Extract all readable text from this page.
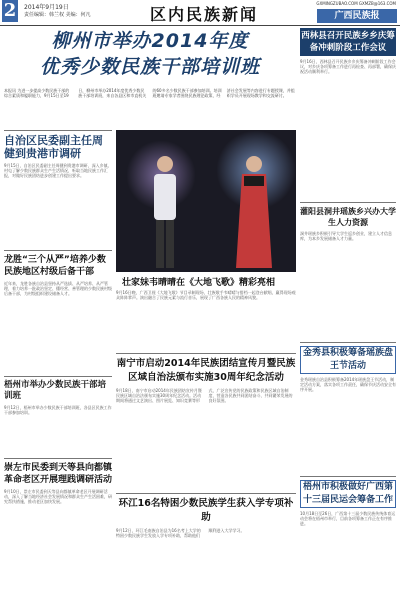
2 2014年9月19日
责任编辑：韩兰权 美编：何凡	区内民族新闻
GXMINGZUBAO.COM GXMZB@163.COM
广西民族报
柳州市举办2014年度
优秀少数民族干部培训班
本报讯 为进一步提高少数民族干部的综合素质和履职能力，9月15日至19日，柳州市举办2014年度优秀少数民族干部培训班，来自各县区和市直机关的60多名少数民族干部参加培训。培训班邀请专家学者围绕民族理论政策、经济社会发展等内容进行专题授课，并组织学员开展现场教学和交流研讨。
自治区民委副主任周健到贵港市调研
9月15日，自治区民委副主任周健到贵港市调研，深入乡镇、村屯了解少数民族群众生产生活情况，听取当地民族工作汇报，对做好民族团结进步创建工作提出要求。
龙胜“三个从严”培养少数民族地区村级后备干部
近年来，龙胜各族自治县坚持从严选拔、从严培养、从严管理，着力培养一批政治坚定、懂经营、善管理的少数民族村级后备干部，为村级组织建设储备人才。
梧州市举办少数民族干部培训班
9月12日，梧州市举办少数民族干部培训班，各县区民族工作干部参加培训。
崇左市民委到天等县向都镇革命老区开展理践调研活动
9月10日，崇左市民委到天等县向都镇革命老区开展调研活动，深入了解当地经济社会发展情况和群众生产生活困难，研究帮扶措施，推动老区加快发展。
壮家妹韦晴晴在《大地飞歌》精彩亮相
9月16日晚，广西卫视《大地飞歌》节目录制现场，壮族歌手韦晴晴与搭档一起登台献唱，赢得现场观众阵阵掌声。演出融合了民族元素与流行音乐，展现了广西各族人民的精神风貌。
南宁市启动2014年民族团结宣传月暨民族区域自治法颁布实施30周年纪念活动
9月18日，南宁市启动2014年民族团结宣传月暨民族区域自治法颁布实施30周年纪念活动。活动期间将通过文艺演出、图片展览、知识竞赛等形式，广泛宣传党的民族政策和民族区域自治制度，营造各民族共同团结奋斗、共同繁荣发展的良好氛围。
环江16名特困少数民族学生获入学专项补助
9月12日，环江毛南族自治县为16名考上大学的特困少数民族学生发放入学专项补助，帮助他们顺利进入大学学习。
西林县召开民族乡乡庆筹备冲刺阶段工作会议
9月16日，西林县召开民族乡乡庆筹备冲刺阶段工作会议，对乡庆各项筹备工作进行再检查、再部署，确保庆祝活动顺利举行。
灌阳县洞井瑶族乡兴办大学生人力资源
洞井瑶族乡积极引导大学生返乡创业，建立人才信息库，为本乡发展储备人才力量。
金秀县积极筹备瑶族盘王节活动
金秀瑶族自治县积极筹备2014年瑶族盘王节活动，制定活动方案，落实各项工作责任，确保节庆活动安全有序开展。
梧州市积极做好广西第十三届民运会筹备工作
10月18日至26日，广西第十三届少数民族传统体育运动会将在梧州市举行，目前各项筹备工作正在有序推进。
